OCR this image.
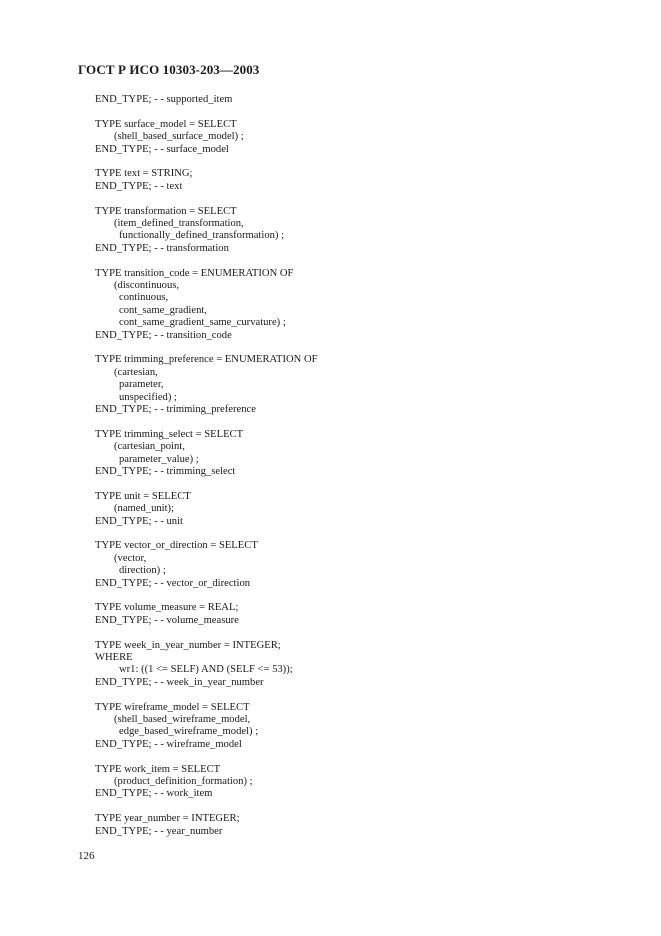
ГОСТ Р ИСО 10303-203—2003
END_TYPE; - - supported_item
TYPE surface_model = SELECT
(shell_based_surface_model) ;
END_TYPE; - - surface_model
TYPE text = STRING;
END_TYPE; - - text
TYPE transformation = SELECT
(item_defined_transformation,
functionally_defined_transformation) ;
END_TYPE; - - transformation
TYPE transition_code = ENUMERATION OF
(discontinuous,
continuous,
cont_same_gradient,
cont_same_gradient_same_curvature) ;
END_TYPE; - - transition_code
TYPE trimming_preference = ENUMERATION OF
(cartesian,
parameter,
unspecified) ;
END_TYPE; - - trimming_preference
TYPE trimming_select = SELECT
(cartesian_point,
parameter_value) ;
END_TYPE; - - trimming_select
TYPE unit = SELECT
(named_unit);
END_TYPE; - - unit
TYPE vector_or_direction = SELECT
(vector,
direction) ;
END_TYPE; - - vector_or_direction
TYPE volume_measure = REAL;
END_TYPE; - - volume_measure
TYPE week_in_year_number = INTEGER;
WHERE
wr1: ((1 <= SELF) AND (SELF <= 53));
END_TYPE; - - week_in_year_number
TYPE wireframe_model = SELECT
(shell_based_wireframe_model,
edge_based_wireframe_model) ;
END_TYPE; - - wireframe_model
TYPE work_item = SELECT
(product_definition_formation) ;
END_TYPE; - - work_item
TYPE year_number = INTEGER;
END_TYPE; - - year_number
126
